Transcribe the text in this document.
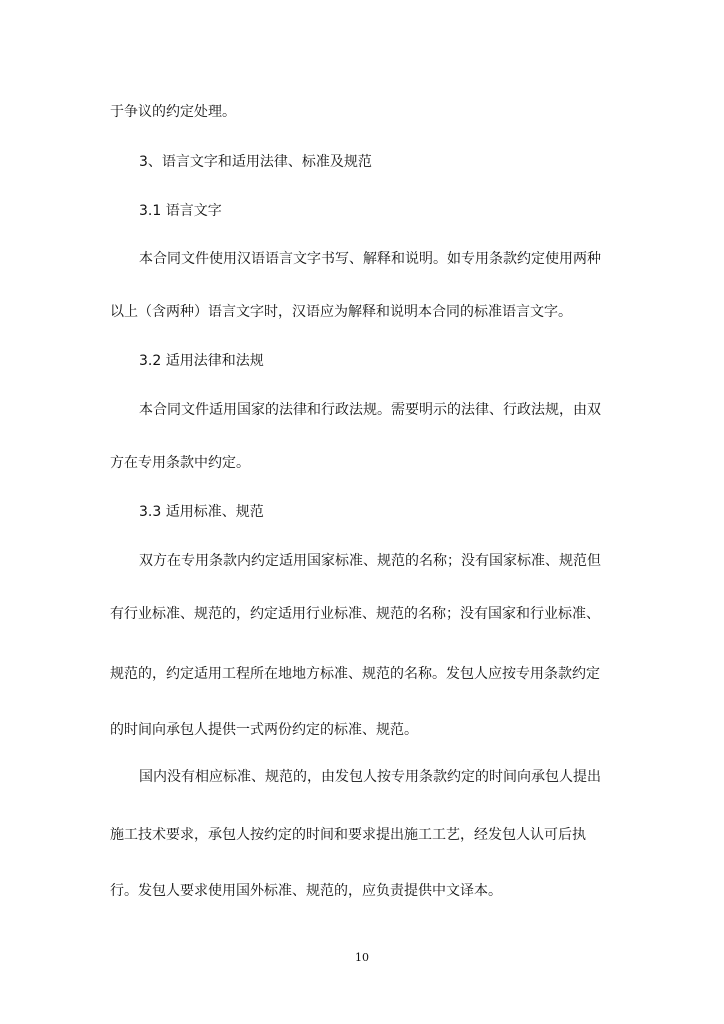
于争议的约定处理。
3、语言文字和适用法律、标准及规范
3.1 语言文字
本合同文件使用汉语语言文字书写、解释和说明。如专用条款约定使用两种
以上（含两种）语言文字时，汉语应为解释和说明本合同的标准语言文字。
3.2 适用法律和法规
本合同文件适用国家的法律和行政法规。需要明示的法律、行政法规，由双
方在专用条款中约定。
3.3 适用标准、规范
双方在专用条款内约定适用国家标准、规范的名称；没有国家标准、规范但
有行业标准、规范的，约定适用行业标准、规范的名称；没有国家和行业标准、
规范的，约定适用工程所在地地方标准、规范的名称。发包人应按专用条款约定
的时间向承包人提供一式两份约定的标准、规范。
国内没有相应标准、规范的，由发包人按专用条款约定的时间向承包人提出
施工技术要求，承包人按约定的时间和要求提出施工工艺，经发包人认可后执
行。发包人要求使用国外标准、规范的，应负责提供中文译本。
10
